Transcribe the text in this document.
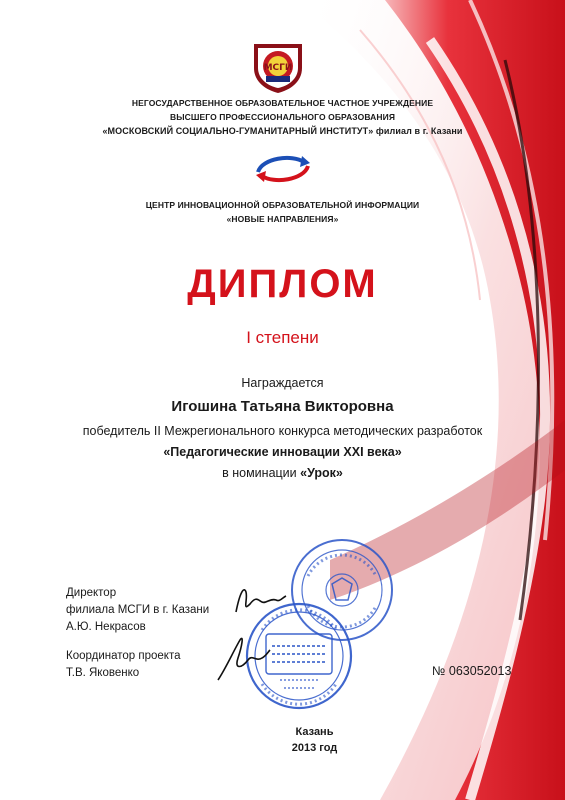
МСГИ
НЕГОСУДАРСТВЕННОЕ ОБРАЗОВАТЕЛЬНОЕ ЧАСТНОЕ УЧРЕЖДЕНИЕ
ВЫСШЕГО ПРОФЕССИОНАЛЬНОГО ОБРАЗОВАНИЯ
«МОСКОВСКИЙ СОЦИАЛЬНО-ГУМАНИТАРНЫЙ ИНСТИТУТ» филиал в г. Казани
ЦЕНТР ИННОВАЦИОННОЙ ОБРАЗОВАТЕЛЬНОЙ ИНФОРМАЦИИ
«НОВЫЕ НАПРАВЛЕНИЯ»
ДИПЛОМ
I степени
Награждается
Игошина Татьяна Викторовна
победитель II Межрегионального конкурса методических разработок
«Педагогические инновации XXI века»
в номинации «Урок»
Директор
филиала МСГИ в г. Казани
А.Ю. Некрасов
Координатор проекта
Т.В. Яковенко	№ 063052013
Казань
2013 год
